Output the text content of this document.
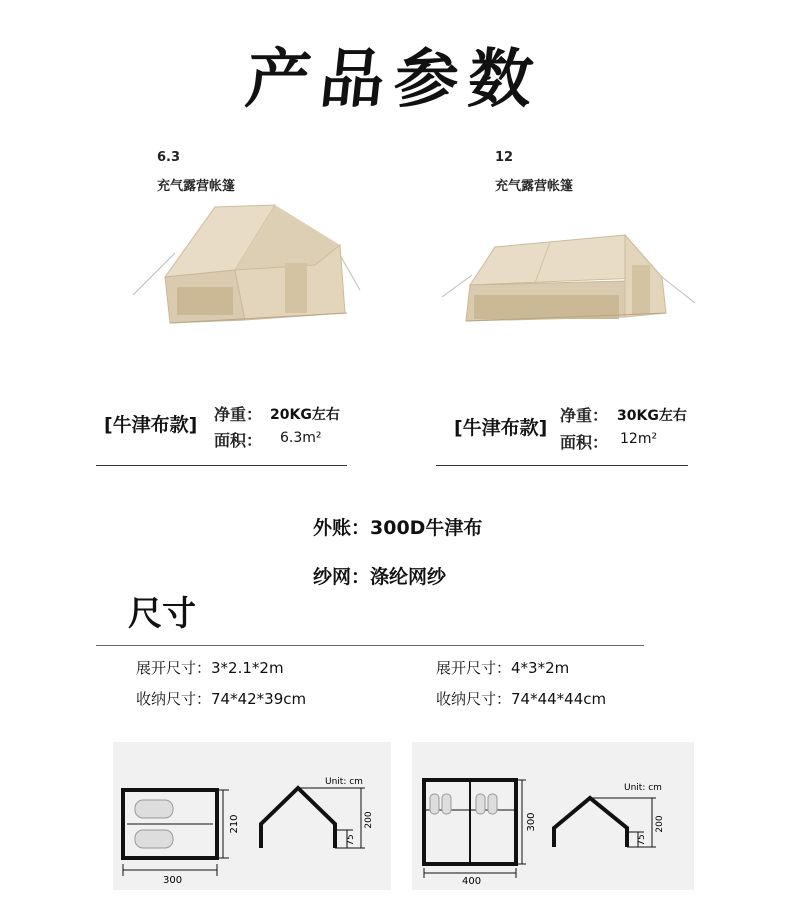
产品参数
6.3
充气露营帐篷
[牛津布款] 净重： 20KG左右
面积： 6.3m²
12
充气露营帐篷
[牛津布款]
净重： 30KG左右
面积： 12m²
外账：300D牛津布
纱网：涤纶网纱
尺寸
展开尺寸：3*2.1*2m
收纳尺寸：74*42*39cm
展开尺寸：4*3*2m
收纳尺寸：74*44*44cm
210
300
Unit: cm
75
200	300
400
Unit: cm
75
200
